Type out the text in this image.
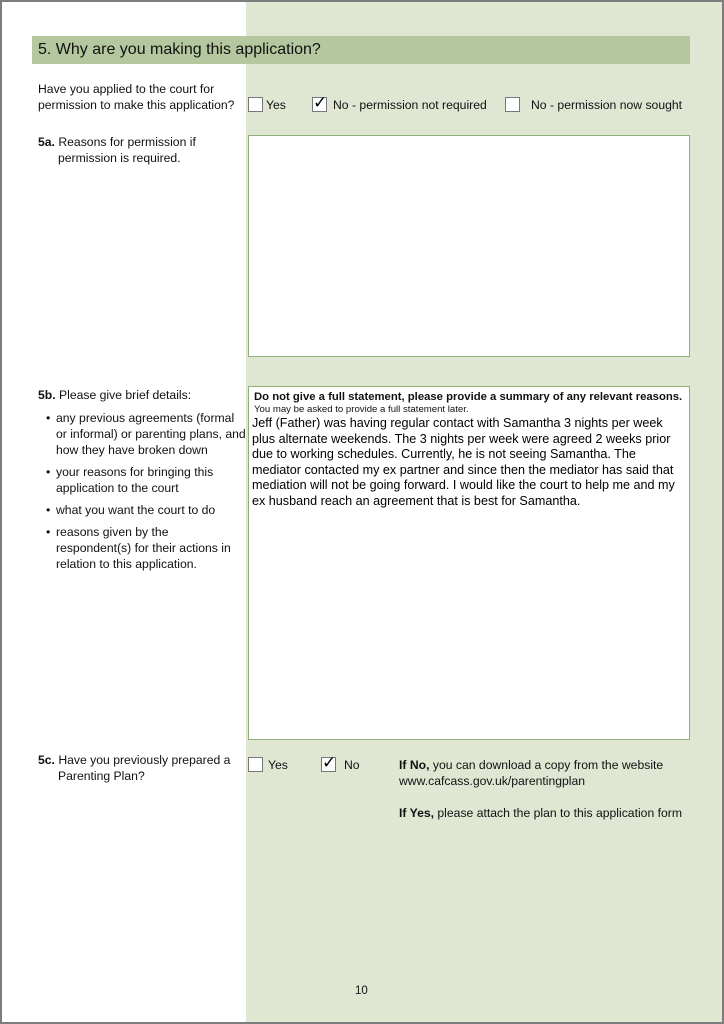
5. Why are you making this application?
Have you applied to the court for permission to make this application?	Yes ✓ No - permission not required	No - permission now sought
5a. Reasons for permission if
permission is required.
5b. Please give brief details:
• any previous agreements (formal or informal) or parenting plans, and how they have broken down
• your reasons for bringing this application to the court
• what you want the court to do
• reasons given by the respondent(s) for their actions in relation to this application.
Do not give a full statement, please provide a summary of any relevant reasons.
You may be asked to provide a full statement later.
Jeff (Father) was having regular contact with Samantha 3 nights per week plus alternate weekends. The 3 nights per week were agreed 2 weeks prior due to working schedules. Currently, he is not seeing Samantha. The mediator contacted my ex partner and since then the mediator has said that mediation will not be going forward. I would like the court to help me and my ex husband reach an agreement that is best for Samantha.
5c. Have you previously prepared a
Parenting Plan?
Yes ✓ No	If No, you can download a copy from the website
www.cafcass.gov.uk/parentingplan
If Yes, please attach the plan to this application form
10
